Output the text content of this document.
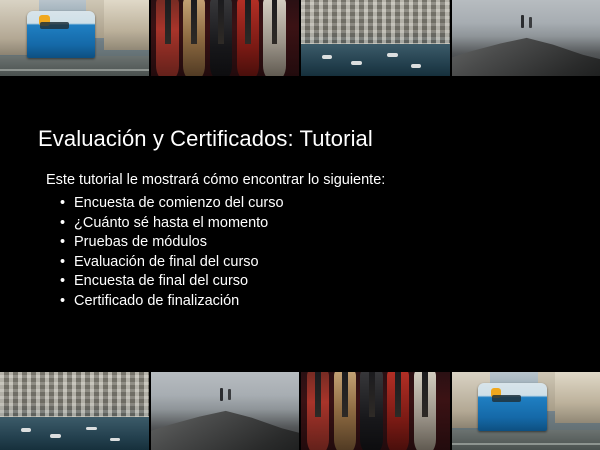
Evaluación y Certificados: Tutorial
Este tutorial le mostrará cómo encontrar lo siguiente:
• Encuesta de comienzo del curso
• ¿Cuánto sé hasta el momento
• Pruebas de módulos
• Evaluación de final del curso
• Encuesta de final del curso
• Certificado de finalización
